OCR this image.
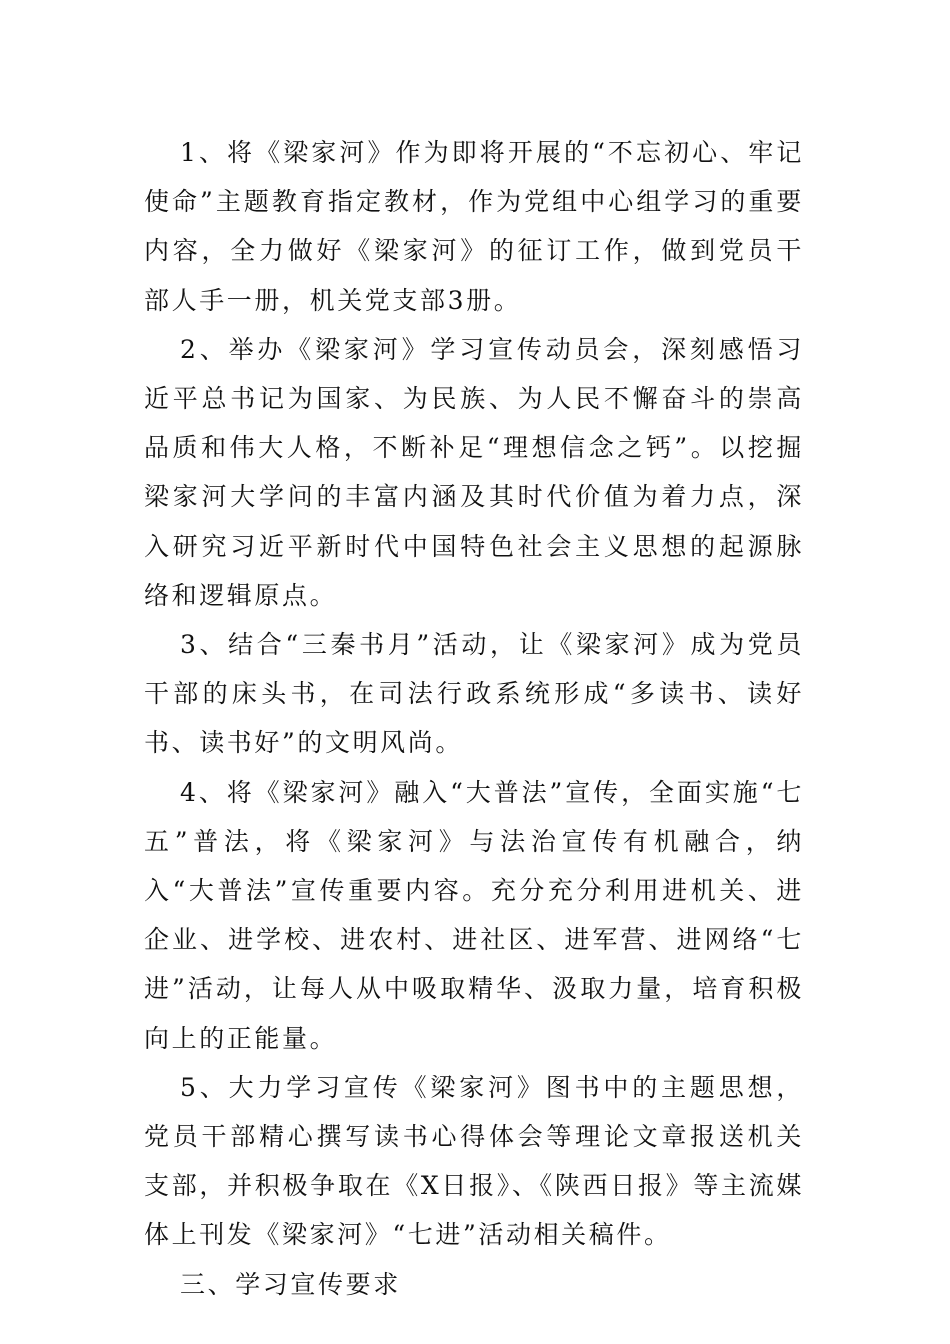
1、将《梁家河》作为即将开展的“不忘初心、牢记使命”主题教育指定教材，作为党组中心组学习的重要内容，全力做好《梁家河》的征订工作，做到党员干部人手一册，机关党支部3册。

2、举办《梁家河》学习宣传动员会，深刻感悟习近平总书记为国家、为民族、为人民不懈奋斗的崇高品质和伟大人格，不断补足“理想信念之钙”。以挖掘梁家河大学问的丰富内涵及其时代价值为着力点，深入研究习近平新时代中国特色社会主义思想的起源脉络和逻辑原点。

3、结合“三秦书月”活动，让《梁家河》成为党员干部的床头书，在司法行政系统形成“多读书、读好书、读书好”的文明风尚。

4、将《梁家河》融入“大普法”宣传，全面实施“七五”普法，将《梁家河》与法治宣传有机融合，纳入“大普法”宣传重要内容。充分充分利用进机关、进企业、进学校、进农村、进社区、进军营、进网络“七进”活动，让每人从中吸取精华、汲取力量，培育积极向上的正能量。

5、大力学习宣传《梁家河》图书中的主题思想，党员干部精心撰写读书心得体会等理论文章报送机关支部，并积极争取在《X日报》、《陕西日报》等主流媒体上刊发《梁家河》“七进”活动相关稿件。

三、学习宣传要求
